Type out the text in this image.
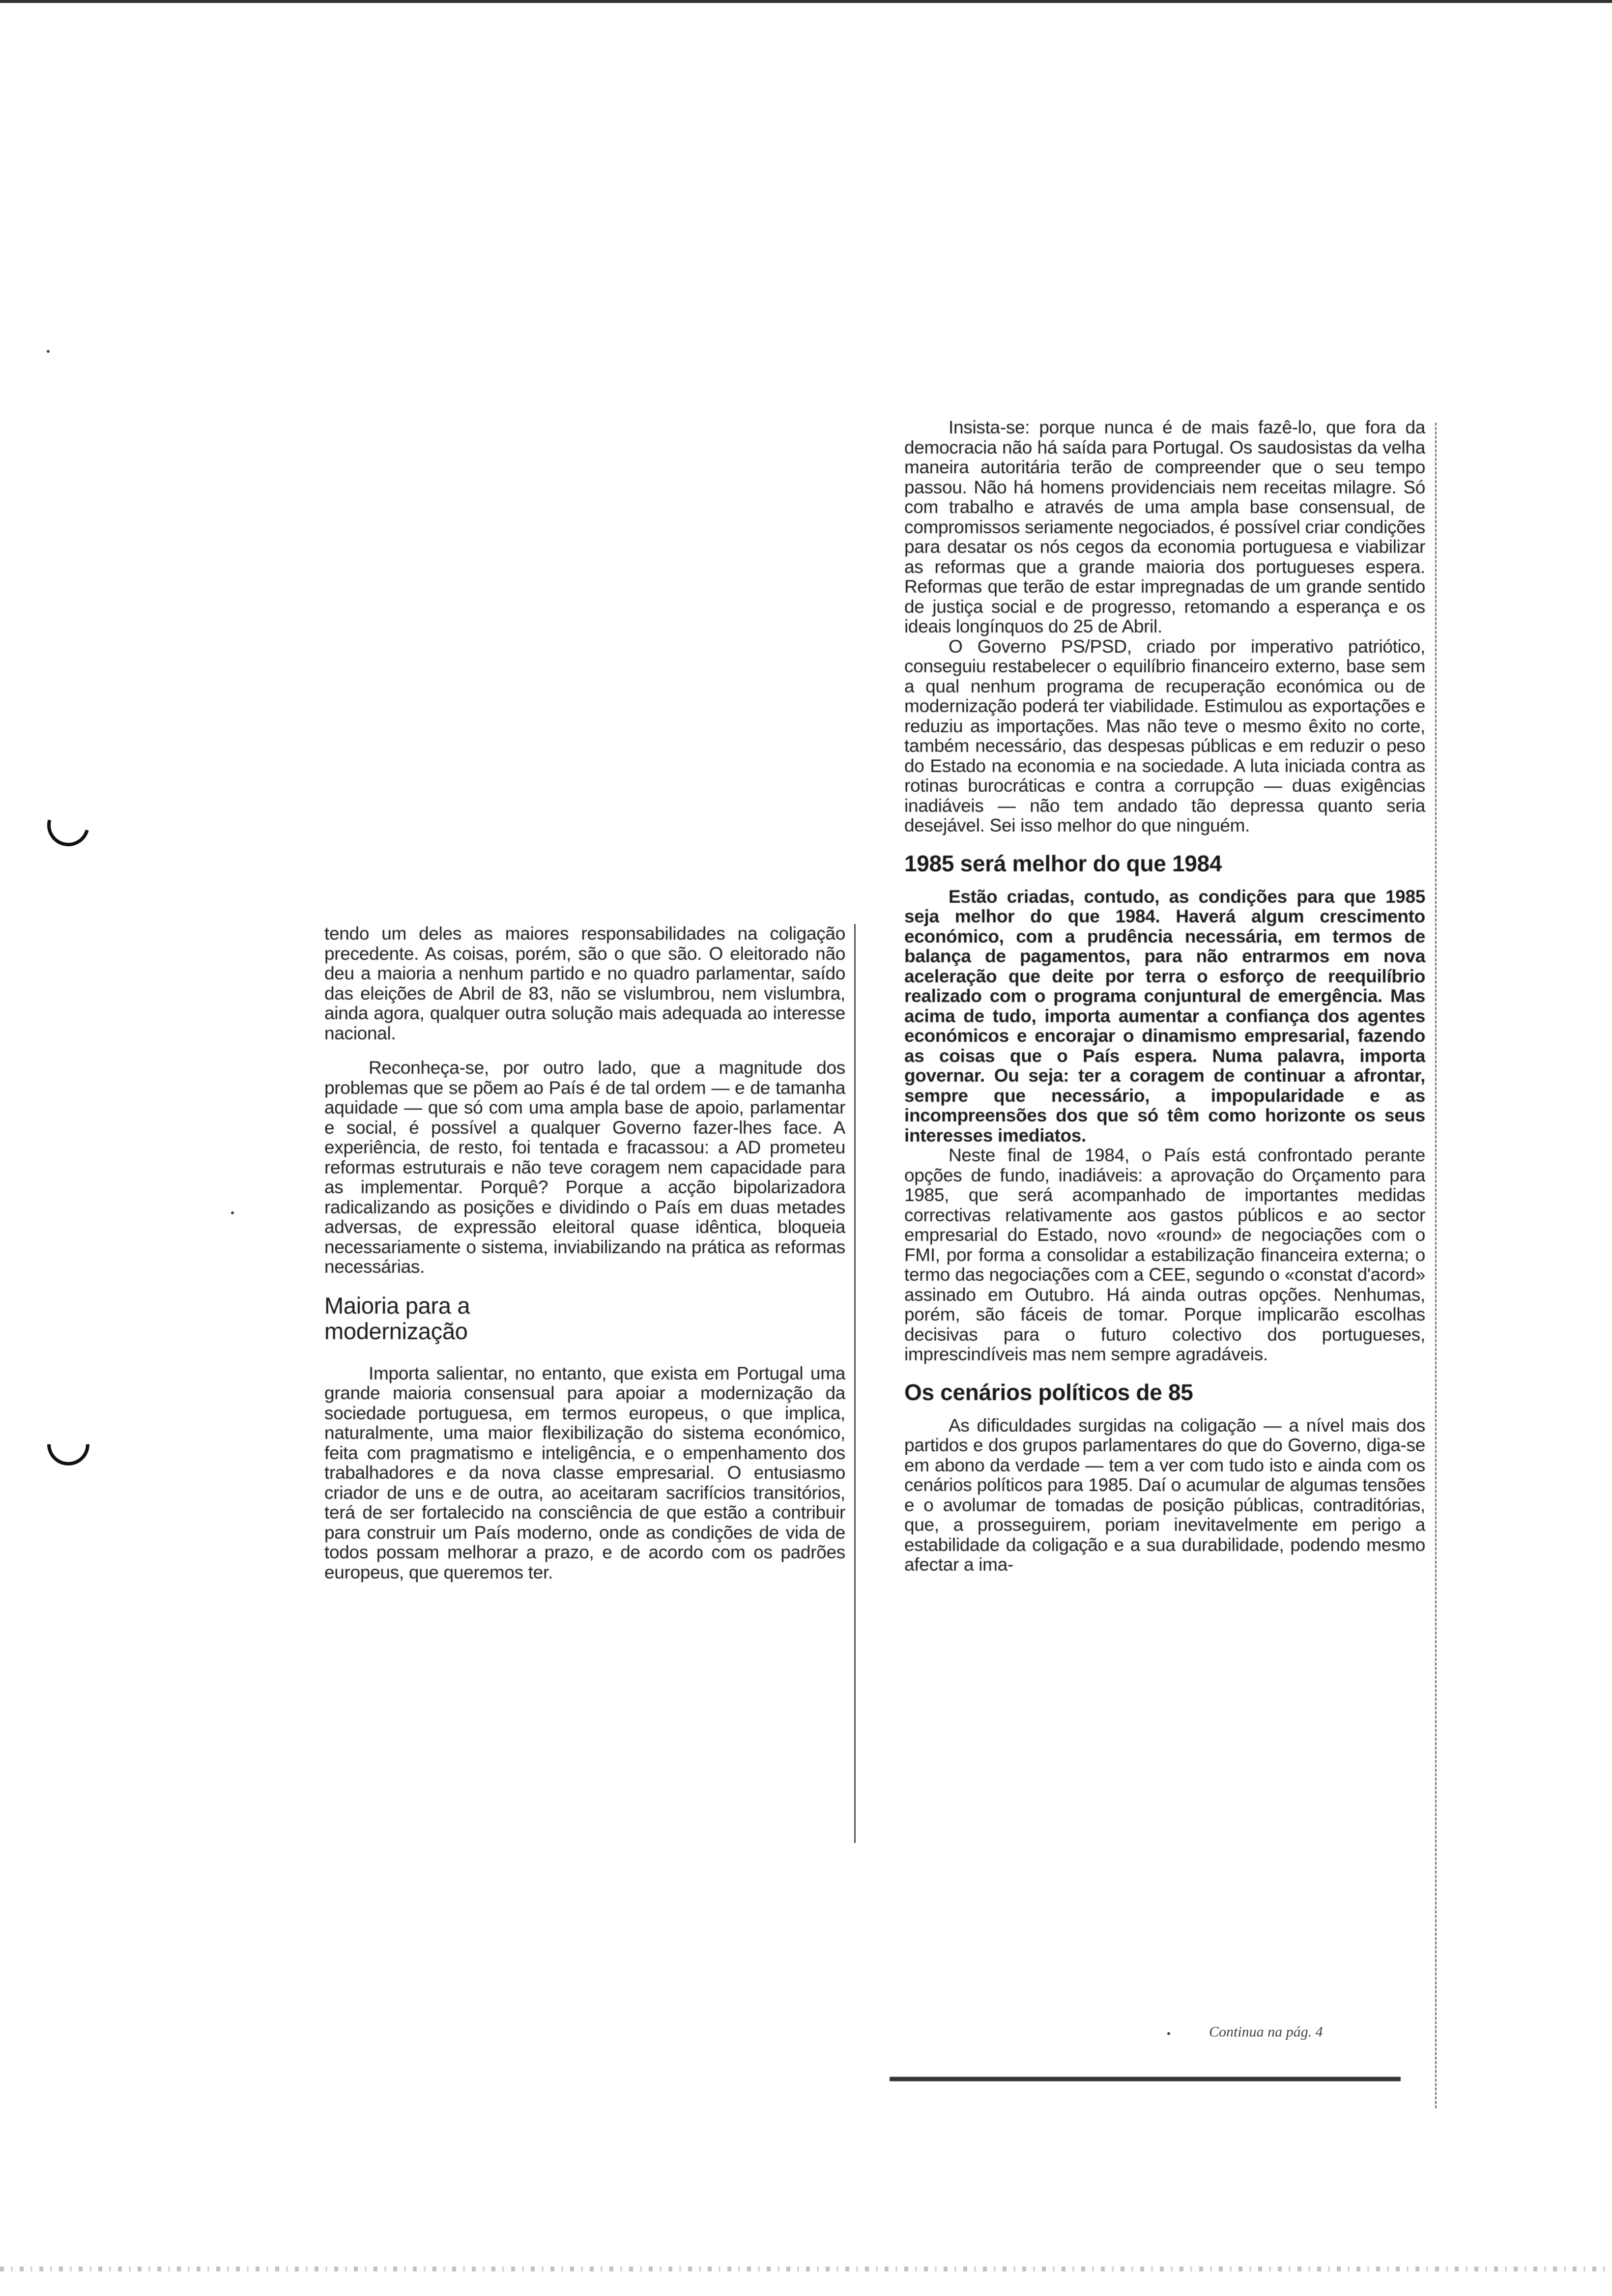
tendo um deles as maiores responsabilidades na coligação precedente. As coisas, porém, são o que são. O eleitorado não deu a maioria a nenhum partido e no quadro parlamentar, saído das eleições de Abril de 83, não se vislumbrou, nem vislumbra, ainda agora, qualquer outra solução mais adequada ao interesse nacional.

Reconheça-se, por outro lado, que a magnitude dos problemas que se põem ao País é de tal ordem — e de tamanha aquidade — que só com uma ampla base de apoio, parlamentar e social, é possível a qualquer Governo fazer-lhes face. A experiência, de resto, foi tentada e fracassou: a AD prometeu reformas estruturais e não teve coragem nem capacidade para as implementar. Porquê? Porque a acção bipolarizadora radicalizando as posições e dividindo o País em duas metades adversas, de expressão eleitoral quase idêntica, bloqueia necessariamente o sistema, inviabilizando na prática as reformas necessárias.

Maioria para a
modernização

Importa salientar, no entanto, que exista em Portugal uma grande maioria consensual para apoiar a modernização da sociedade portuguesa, em termos europeus, o que implica, naturalmente, uma maior flexibilização do sistema económico, feita com pragmatismo e inteligência, e o empenhamento dos trabalhadores e da nova classe empresarial. O entusiasmo criador de uns e de outra, ao aceitaram sacrifícios transitórios, terá de ser fortalecido na consciência de que estão a contribuir para construir um País moderno, onde as condições de vida de todos possam melhorar a prazo, e de acordo com os padrões europeus, que queremos ter.

Insista-se: porque nunca é de mais fazê-lo, que fora da democracia não há saída para Portugal. Os saudosistas da velha maneira autoritária terão de compreender que o seu tempo passou. Não há homens providenciais nem receitas milagre. Só com trabalho e através de uma ampla base consensual, de compromissos seriamente negociados, é possível criar condições para desatar os nós cegos da economia portuguesa e viabilizar as reformas que a grande maioria dos portugueses espera. Reformas que terão de estar impregnadas de um grande sentido de justiça social e de progresso, retomando a esperança e os ideais longínquos do 25 de Abril.

O Governo PS/PSD, criado por imperativo patriótico, conseguiu restabelecer o equilíbrio financeiro externo, base sem a qual nenhum programa de recuperação económica ou de modernização poderá ter viabilidade. Estimulou as exportações e reduziu as importações. Mas não teve o mesmo êxito no corte, também necessário, das despesas públicas e em reduzir o peso do Estado na economia e na sociedade. A luta iniciada contra as rotinas burocráticas e contra a corrupção — duas exigências inadiáveis — não tem andado tão depressa quanto seria desejável. Sei isso melhor do que ninguém.

1985 será melhor do que 1984

Estão criadas, contudo, as condições para que 1985 seja melhor do que 1984. Haverá algum crescimento económico, com a prudência necessária, em termos de balança de pagamentos, para não entrarmos em nova aceleração que deite por terra o esforço de reequilíbrio realizado com o programa conjuntural de emergência. Mas acima de tudo, importa aumentar a confiança dos agentes económicos e encorajar o dinamismo empresarial, fazendo as coisas que o País espera. Numa palavra, importa governar. Ou seja: ter a coragem de continuar a afrontar, sempre que necessário, a impopularidade e as incompreensões dos que só têm como horizonte os seus interesses imediatos.

Neste final de 1984, o País está confrontado perante opções de fundo, inadiáveis: a aprovação do Orçamento para 1985, que será acompanhado de importantes medidas correctivas relativamente aos gastos públicos e ao sector empresarial do Estado, novo «round» de negociações com o FMI, por forma a consolidar a estabilização financeira externa; o termo das negociações com a CEE, segundo o «constat d'acord» assinado em Outubro. Há ainda outras opções. Nenhumas, porém, são fáceis de tomar. Porque implicarão escolhas decisivas para o futuro colectivo dos portugueses, imprescindíveis mas nem sempre agradáveis.

Os cenários políticos de 85

As dificuldades surgidas na coligação — a nível mais dos partidos e dos grupos parlamentares do que do Governo, diga-se em abono da verdade — tem a ver com tudo isto e ainda com os cenários políticos para 1985. Daí o acumular de algumas tensões e o avolumar de tomadas de posição públicas, contraditórias, que, a prosseguirem, poriam inevitavelmente em perigo a estabilidade da coligação e a sua durabilidade, podendo mesmo afectar a ima-

Continua na pág. 4
